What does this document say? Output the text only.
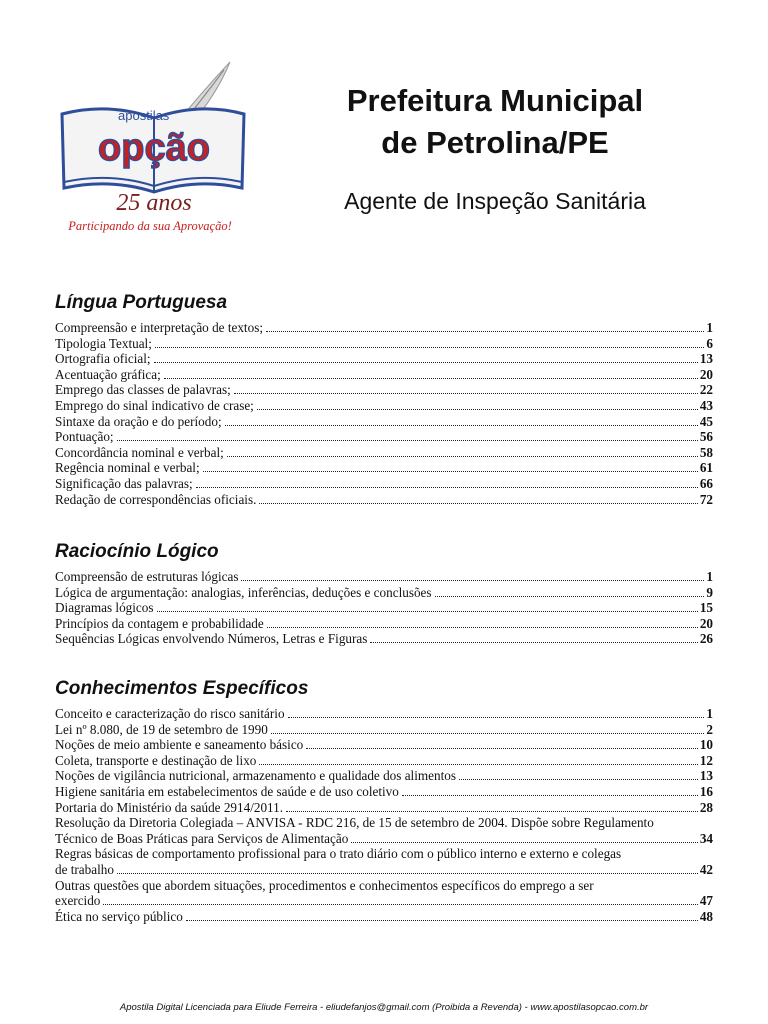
apostilas
opção
25 anos
Participando da sua Aprovação!
Prefeitura Municipal
de Petrolina/PE
Agente de Inspeção Sanitária
Língua Portuguesa
Compreensão e interpretação de textos;	1
Tipologia Textual;	6
Ortografia oficial;	13
Acentuação gráfica;	20
Emprego das classes de palavras;	22
Emprego do sinal indicativo de crase;	43
Sintaxe da oração e do período;	45
Pontuação;	56
Concordância nominal e verbal;	58
Regência nominal e verbal;	61
Significação das palavras;	66
Redação de correspondências oficiais.	72
Raciocínio Lógico
Compreensão de estruturas lógicas	1
Lógica de argumentação: analogias, inferências, deduções e conclusões	9
Diagramas lógicos	15
Princípios da contagem e probabilidade	20
Sequências Lógicas envolvendo Números, Letras e Figuras	26
Conhecimentos Específicos
Conceito e caracterização do risco sanitário	1
Lei nº 8.080, de 19 de setembro de 1990	2
Noções de meio ambiente e saneamento básico	10
Coleta, transporte e destinação de lixo	12
Noções de vigilância nutricional, armazenamento e qualidade dos alimentos	13
Higiene sanitária em estabelecimentos de saúde e de uso coletivo	16
Portaria do Ministério da saúde 2914/2011.	28
Resolução da Diretoria Colegiada – ANVISA - RDC 216, de 15 de setembro de 2004. Dispõe sobre Regulamento
Técnico de Boas Práticas para Serviços de Alimentação	34
Regras básicas de comportamento profissional para o trato diário com o público interno e externo e colegas
de trabalho	42
Outras questões que abordem situações, procedimentos e conhecimentos específicos do emprego a ser
exercido	47
Ética no serviço público	48
Apostila Digital Licenciada para Eliude Ferreira - eliudefanjos@gmail.com (Proibida a Revenda) - www.apostilasopcao.com.br
